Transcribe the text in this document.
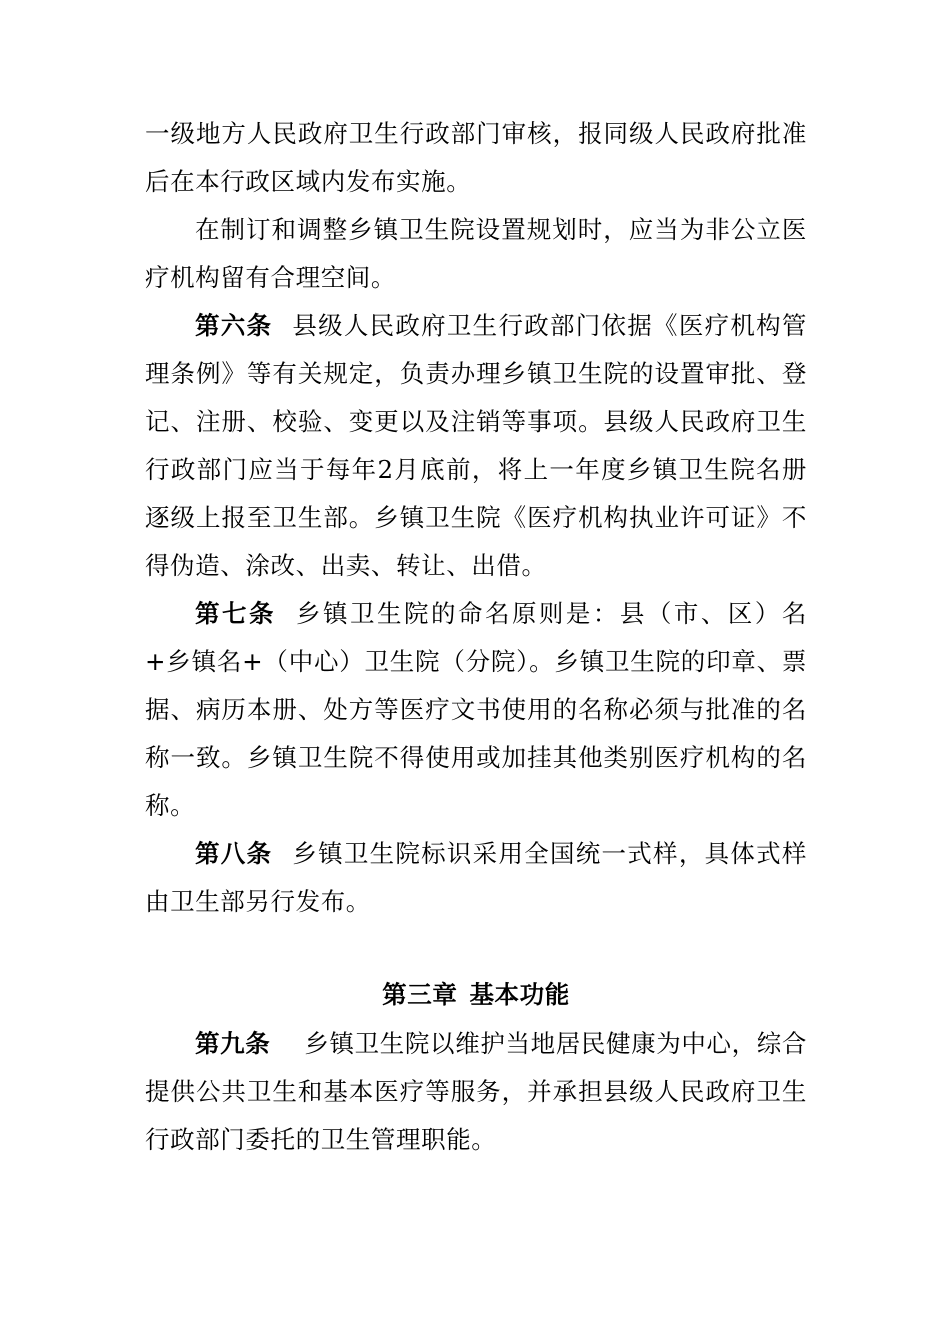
一级地方人民政府卫生行政部门审核，报同级人民政府批准后在本行政区域内发布实施。

在制订和调整乡镇卫生院设置规划时，应当为非公立医疗机构留有合理空间。

第六条 县级人民政府卫生行政部门依据《医疗机构管理条例》等有关规定，负责办理乡镇卫生院的设置审批、登记、注册、校验、变更以及注销等事项。县级人民政府卫生行政部门应当于每年2月底前，将上一年度乡镇卫生院名册逐级上报至卫生部。乡镇卫生院《医疗机构执业许可证》不得伪造、涂改、出卖、转让、出借。

第七条 乡镇卫生院的命名原则是：县（市、区）名+乡镇名+（中心）卫生院（分院）。乡镇卫生院的印章、票据、病历本册、处方等医疗文书使用的名称必须与批准的名称一致。乡镇卫生院不得使用或加挂其他类别医疗机构的名称。

第八条 乡镇卫生院标识采用全国统一式样，具体式样由卫生部另行发布。

第三章 基本功能

第九条 乡镇卫生院以维护当地居民健康为中心，综合提供公共卫生和基本医疗等服务，并承担县级人民政府卫生行政部门委托的卫生管理职能。
